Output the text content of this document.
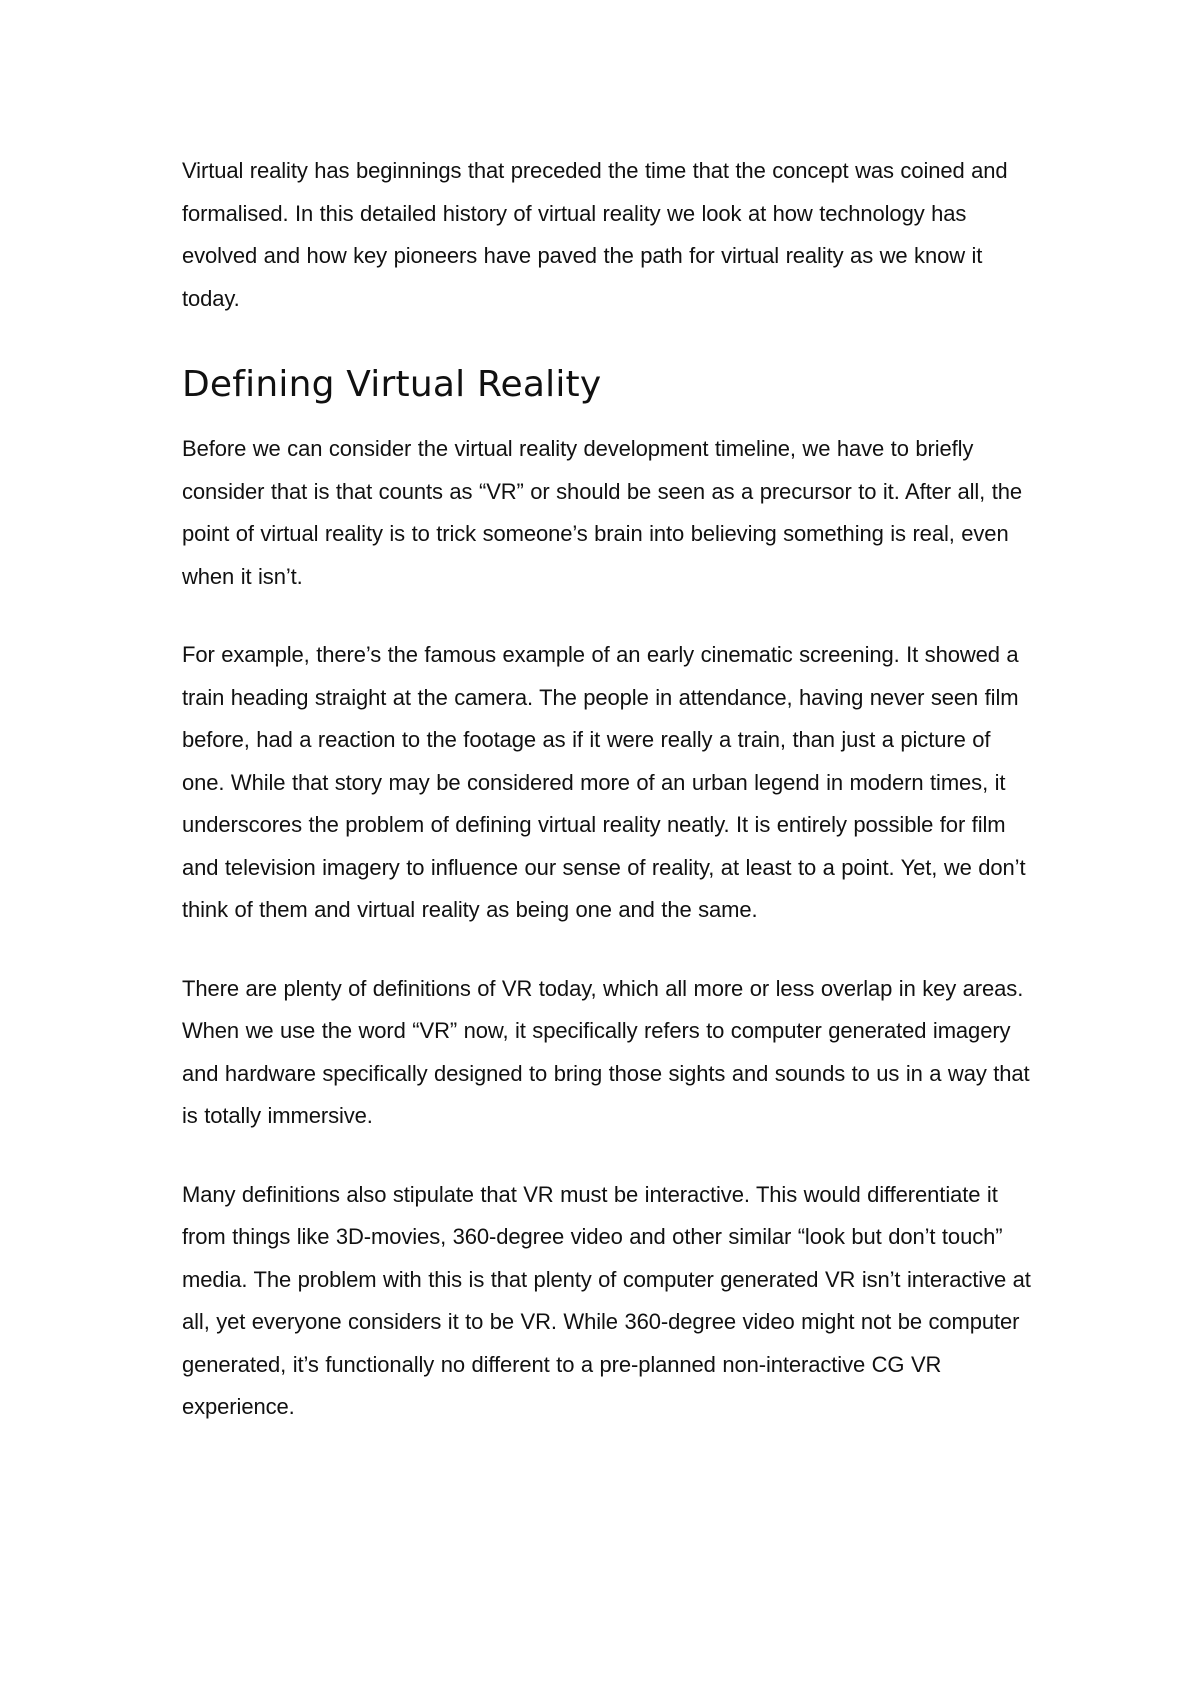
Virtual reality has beginnings that preceded the time that the concept was coined and formalised. In this detailed history of virtual reality we look at how technology has evolved and how key pioneers have paved the path for virtual reality as we know it today.

Defining Virtual Reality

Before we can consider the virtual reality development timeline, we have to briefly consider that is that counts as “VR” or should be seen as a precursor to it. After all, the point of virtual reality is to trick someone’s brain into believing something is real, even when it isn’t.

For example, there’s the famous example of an early cinematic screening. It showed a train heading straight at the camera. The people in attendance, having never seen film before, had a reaction to the footage as if it were really a train, than just a picture of one. While that story may be considered more of an urban legend in modern times, it underscores the problem of defining virtual reality neatly. It is entirely possible for film and television imagery to influence our sense of reality, at least to a point. Yet, we don’t think of them and virtual reality as being one and the same.

There are plenty of definitions of VR today, which all more or less overlap in key areas. When we use the word “VR” now, it specifically refers to computer generated imagery and hardware specifically designed to bring those sights and sounds to us in a way that is totally immersive.

Many definitions also stipulate that VR must be interactive. This would differentiate it from things like 3D-movies, 360-degree video and other similar “look but don’t touch” media. The problem with this is that plenty of computer generated VR isn’t interactive at all, yet everyone considers it to be VR. While 360-degree video might not be computer generated, it’s functionally no different to a pre-planned non-interactive CG VR experience.
